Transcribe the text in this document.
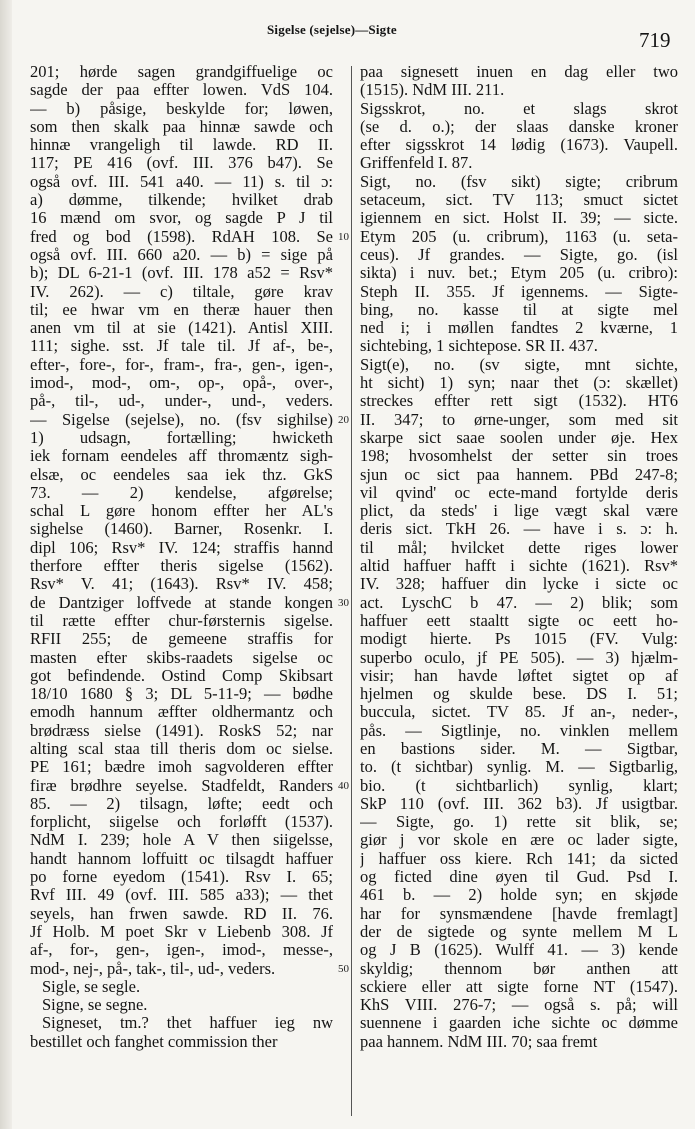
Sigelse (sejelse)—Sigte	719
201; hørde sagen grandgiffuelige oc
sagde der paa effter lowen. VdS 104.
— b) påsige, beskylde for; løwen,
som then skalk paa hinnæ sawde och
hinnæ vrangeligh til lawde. RD II.
117; PE 416 (ovf. III. 376 b47). Se
også ovf. III. 541 a40. — 11) s. til ɔ:
a) dømme, tilkende; hvilket drab
16 mænd om svor, og sagde P J til
fred og bod (1598). RdAH 108. Se
også ovf. III. 660 a20. — b) = sige på
b); DL 6-21-1 (ovf. III. 178 a52 = Rsv*
IV. 262). — c) tiltale, gøre krav
til; ee hwar vm en theræ hauer then
anen vm til at sie (1421). Antisl XIII.
111; sighe. sst. Jf tale til. Jf af-, be-,
efter-, fore-, for-, fram-, fra-, gen-, igen-,
imod-, mod-, om-, op-, opå-, over-,
på-, til-, ud-, under-, und-, veders.
— Sigelse (sejelse), no. (fsv sighilse)
1) udsagn, fortælling; hwicketh
iek fornam eendeles aff thromæntz sigh-
elsæ, oc eendeles saa iek thz. GkS
73. — 2) kendelse, afgørelse;
schal L gøre honom effter her AL's
sighelse (1460). Barner, Rosenkr. I.
dipl 106; Rsv* IV. 124; straffis hannd
therfore effter theris sigelse (1562).
Rsv* V. 41; (1643). Rsv* IV. 458;
de Dantziger loffvede at stande kongen
til rætte effter chur-førsternis sigelse.
RFII 255; de gemeene straffis for
masten efter skibs-raadets sigelse oc
got befindende. Ostind Comp Skibsart
18/10 1680 § 3; DL 5-11-9; — bødhe
emodh hannum æffter oldhermantz och
brødræss sielse (1491). RoskS 52; nar
alting scal staa till theris dom oc sielse.
PE 161; bædre imoh sagvolderen effter
firæ brødhre seyelse. Stadfeldt, Randers
85. — 2) tilsagn, løfte; eedt och
forplicht, siigelse och forløfft (1537).
NdM I. 239; hole A V then siigelsse,
handt hannom loffuitt oc tilsagdt haffuer
po forne eyedom (1541). Rsv I. 65;
Rvf III. 49 (ovf. III. 585 a33); — thet
seyels, han frwen sawde. RD II. 76.
Jf Holb. M poet Skr v Liebenb 308. Jf
af-, for-, gen-, igen-, imod-, messe-,
mod-, nej-, på-, tak-, til-, ud-, veders.
Sigle, se segle.
Signe, se segne.
Signeset, tm.? thet haffuer ieg nw
bestillet och fanghet commission ther
paa signesett inuen en dag eller two
(1515). NdM III. 211.
Sigsskrot, no. et slags skrot
(se d. o.); der slaas danske kroner
efter sigsskrot 14 lødig (1673). Vaupell.
Griffenfeld I. 87.
Sigt, no. (fsv sikt) sigte; cribrum
setaceum, sict. TV 113; smuct sictet
igiennem en sict. Holst II. 39; — sicte.
Etym 205 (u. cribrum), 1163 (u. seta-
ceus). Jf grandes. — Sigte, go. (isl
sikta) i nuv. bet.; Etym 205 (u. cribro):
Steph II. 355. Jf igennems. — Sigte-
bing, no. kasse til at sigte mel
ned i; i møllen fandtes 2 kværne, 1
sichtebing, 1 sichtepose. SR II. 437.
Sigt(e), no. (sv sigte, mnt sichte,
ht sicht) 1) syn; naar thet (ɔ: skællet)
streckes effter rett sigt (1532). HT6
II. 347; to ørne-unger, som med sit
skarpe sict saae soolen under øje. Hex
198; hvosomhelst der setter sin troes
sjun oc sict paa hannem. PBd 247-8;
vil qvind' oc ecte-mand fortylde deris
plict, da steds' i lige vægt skal være
deris sict. TkH 26. — have i s. ɔ: h.
til mål; hvilcket dette riges lower
altid haffuer hafft i sichte (1621). Rsv*
IV. 328; haffuer din lycke i sicte oc
act. LyschC b 47. — 2) blik; som
haffuer eett staaltt sigte oc eett ho-
modigt hierte. Ps 1015 (FV. Vulg:
superbo oculo, jf PE 505). — 3) hjælm-
visir; han havde løftet sigtet op af
hjelmen og skulde bese. DS I. 51;
buccula, sictet. TV 85. Jf an-, neder-,
pås. — Sigtlinje, no. vinklen mellem
en bastions sider. M. — Sigtbar,
to. (t sichtbar) synlig. M. — Sigtbarlig,
bio. (t sichtbarlich) synlig, klart;
SkP 110 (ovf. III. 362 b3). Jf usigtbar.
— Sigte, go. 1) rette sit blik, se;
giør j vor skole en ære oc lader sigte,
j haffuer oss kiere. Rch 141; da sicted
og ficted dine øyen til Gud. Psd I.
461 b. — 2) holde syn; en skjøde
har for synsmændene [havde fremlagt]
der de sigtede og synte mellem M L
og J B (1625). Wulff 41. — 3) kende
skyldig; thennom bør anthen att
sckiere eller att sigte forne NT (1547).
KhS VIII. 276-7; — også s. på; will
suennene i gaarden iche sichte oc dømme
paa hannem. NdM III. 70; saa fremt
10
20
30
40
50
